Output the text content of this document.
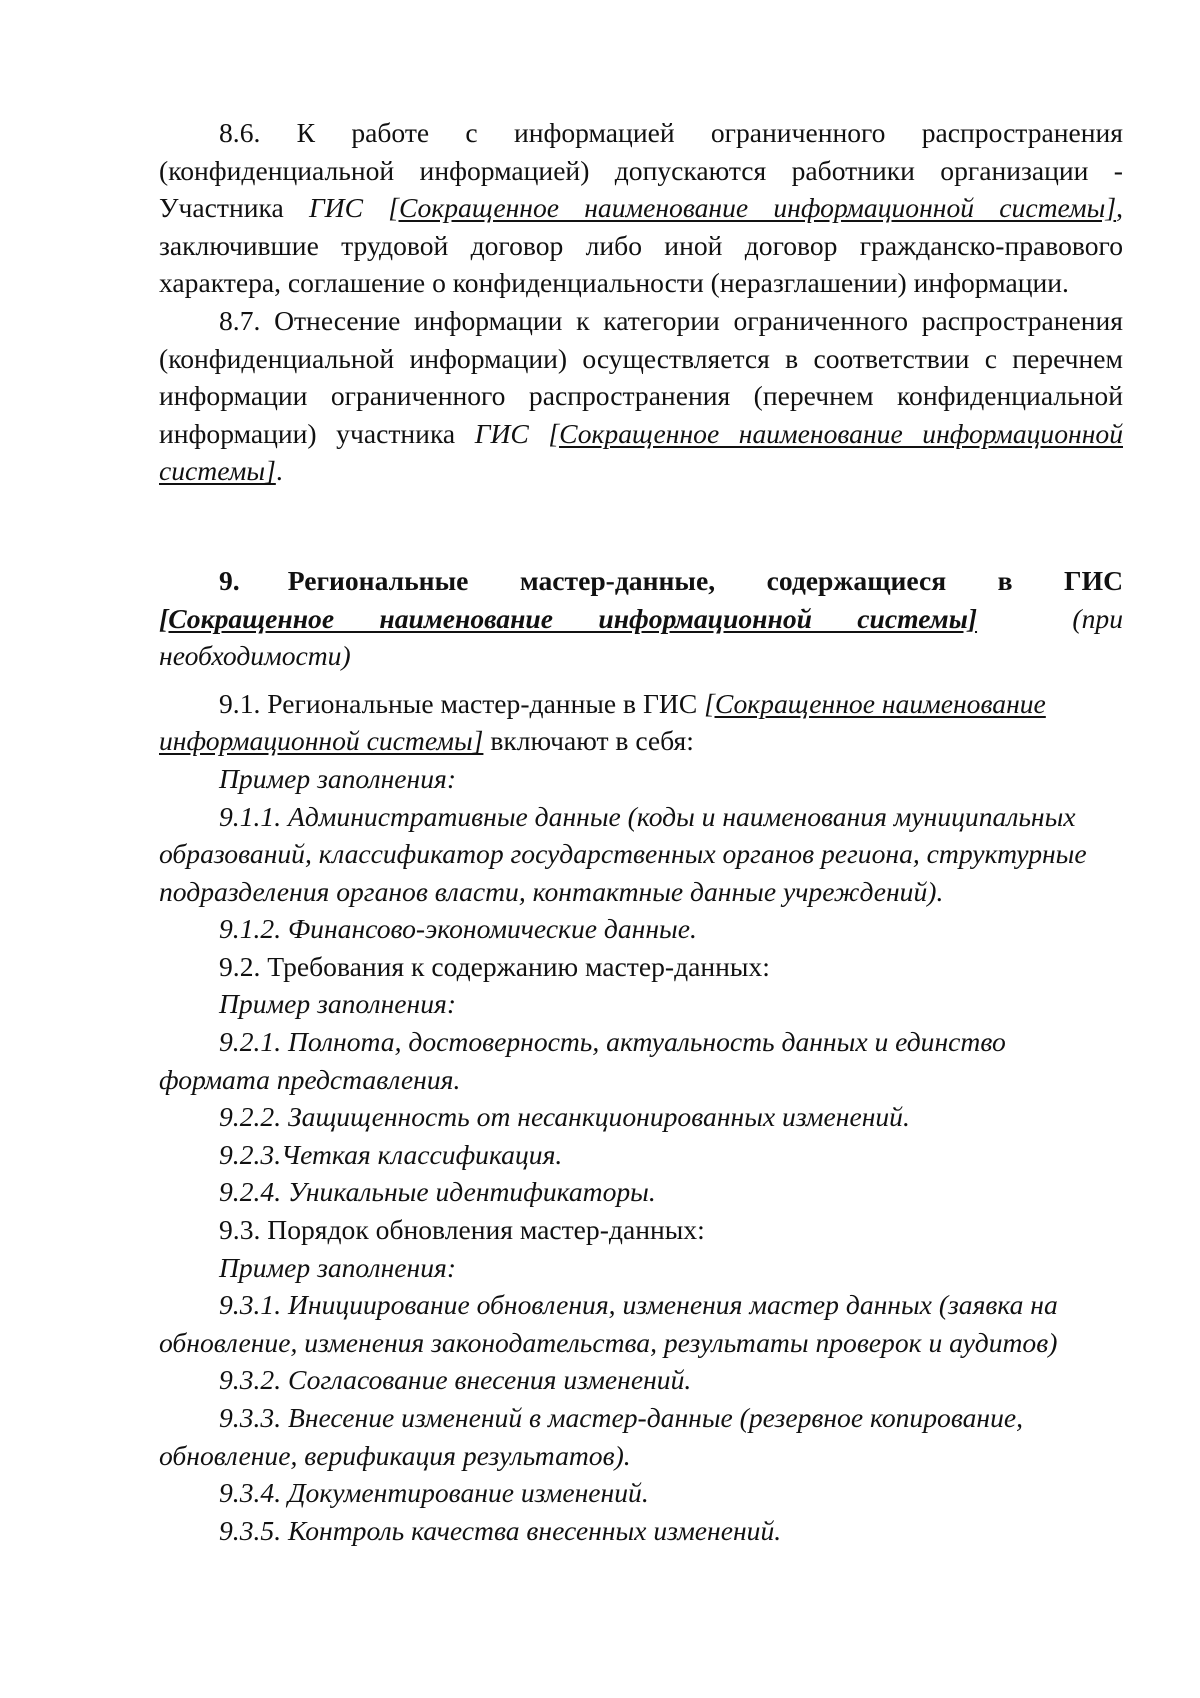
8.6. К работе с информацией ограниченного распространения (конфиденциальной информацией) допускаются работники организации - Участника ГИС [Сокращенное наименование информационной системы], заключившие трудовой договор либо иной договор гражданско-правового характера, соглашение о конфиденциальности (неразглашении) информации.

8.7. Отнесение информации к категории ограниченного распространения (конфиденциальной информации) осуществляется в соответствии с перечнем информации ограниченного распространения (перечнем конфиденциальной информации) участника ГИС [Сокращенное наименование информационной системы].

9. Региональные мастер-данные, содержащиеся в ГИС [Сокращенное наименование информационной системы]	(при необходимости)

9.1. Региональные мастер-данные в ГИС [Сокращенное наименование информационной системы] включают в себя:

Пример заполнения:

9.1.1. Административные данные (коды и наименования муниципальных образований, классификатор государственных органов региона, структурные подразделения органов власти, контактные данные учреждений).

9.1.2. Финансово-экономические данные.

9.2. Требования к содержанию мастер-данных:

Пример заполнения:

9.2.1. Полнота, достоверность, актуальность данных и единство формата представления.

9.2.2. Защищенность от несанкционированных изменений.

9.2.3.Четкая классификация.

9.2.4. Уникальные идентификаторы.

9.3. Порядок обновления мастер-данных:

Пример заполнения:

9.3.1. Инициирование обновления, изменения мастер данных (заявка на обновление, изменения законодательства, результаты проверок и аудитов)

9.3.2. Согласование внесения изменений.

9.3.3. Внесение изменений в мастер-данные (резервное копирование, обновление, верификация результатов).

9.3.4. Документирование изменений.

9.3.5. Контроль качества внесенных изменений.
